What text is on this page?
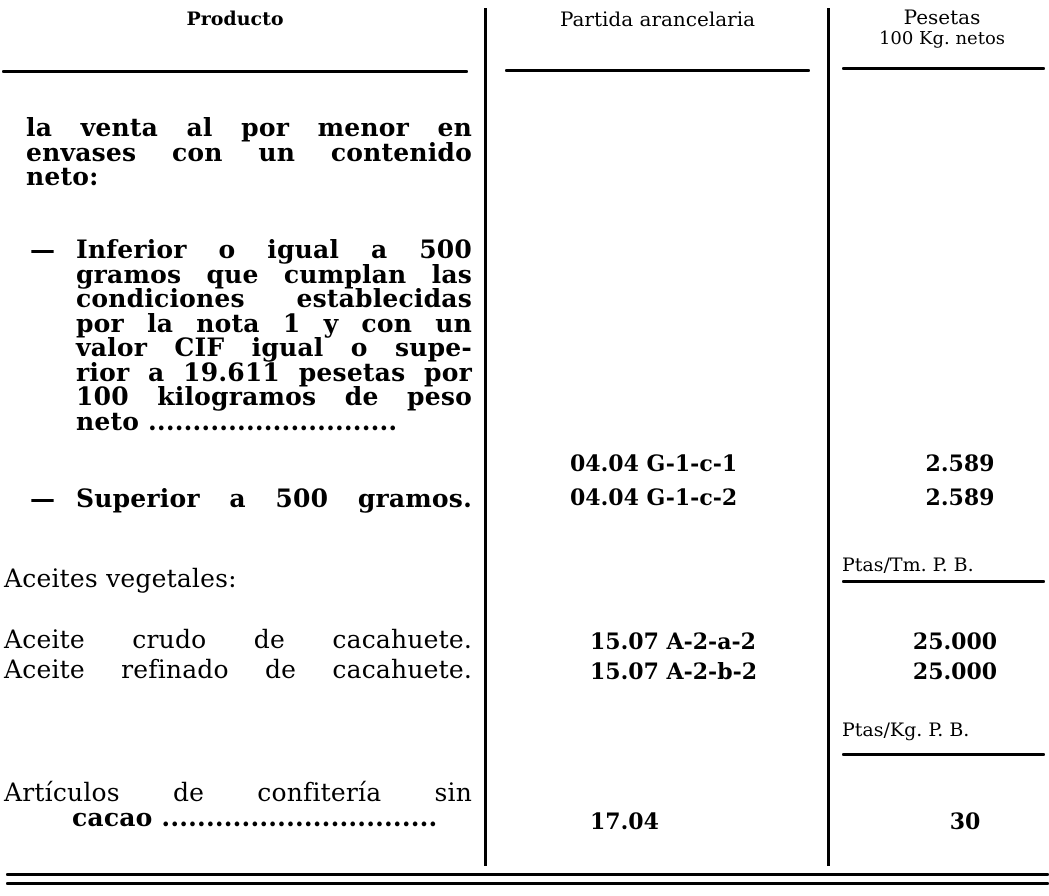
Producto	Partida arancelaria	Pesetas
100 Kg. netos
la venta al por menor en
envases con un contenido
neto:
— Inferior o igual a 500
gramos que cumplan las
condiciones establecidas
por la nota 1 y con un
valor CIF igual o supe-
rior a 19.611 pesetas por
100 kilogramos de peso
neto ............................
04.04 G-1-c-1	2.589
— Superior a 500 gramos.	04.04 G-1-c-2	2.589
Ptas/Tm. P. B.
Aceites vegetales:
Aceite crudo de cacahuete.	15.07 A-2-a-2	25.000
Aceite refinado de cacahuete.	15.07 A-2-b-2	25.000
Ptas/Kg. P. B.
Artículos de confitería sin
cacao ...............................	17.04	30
